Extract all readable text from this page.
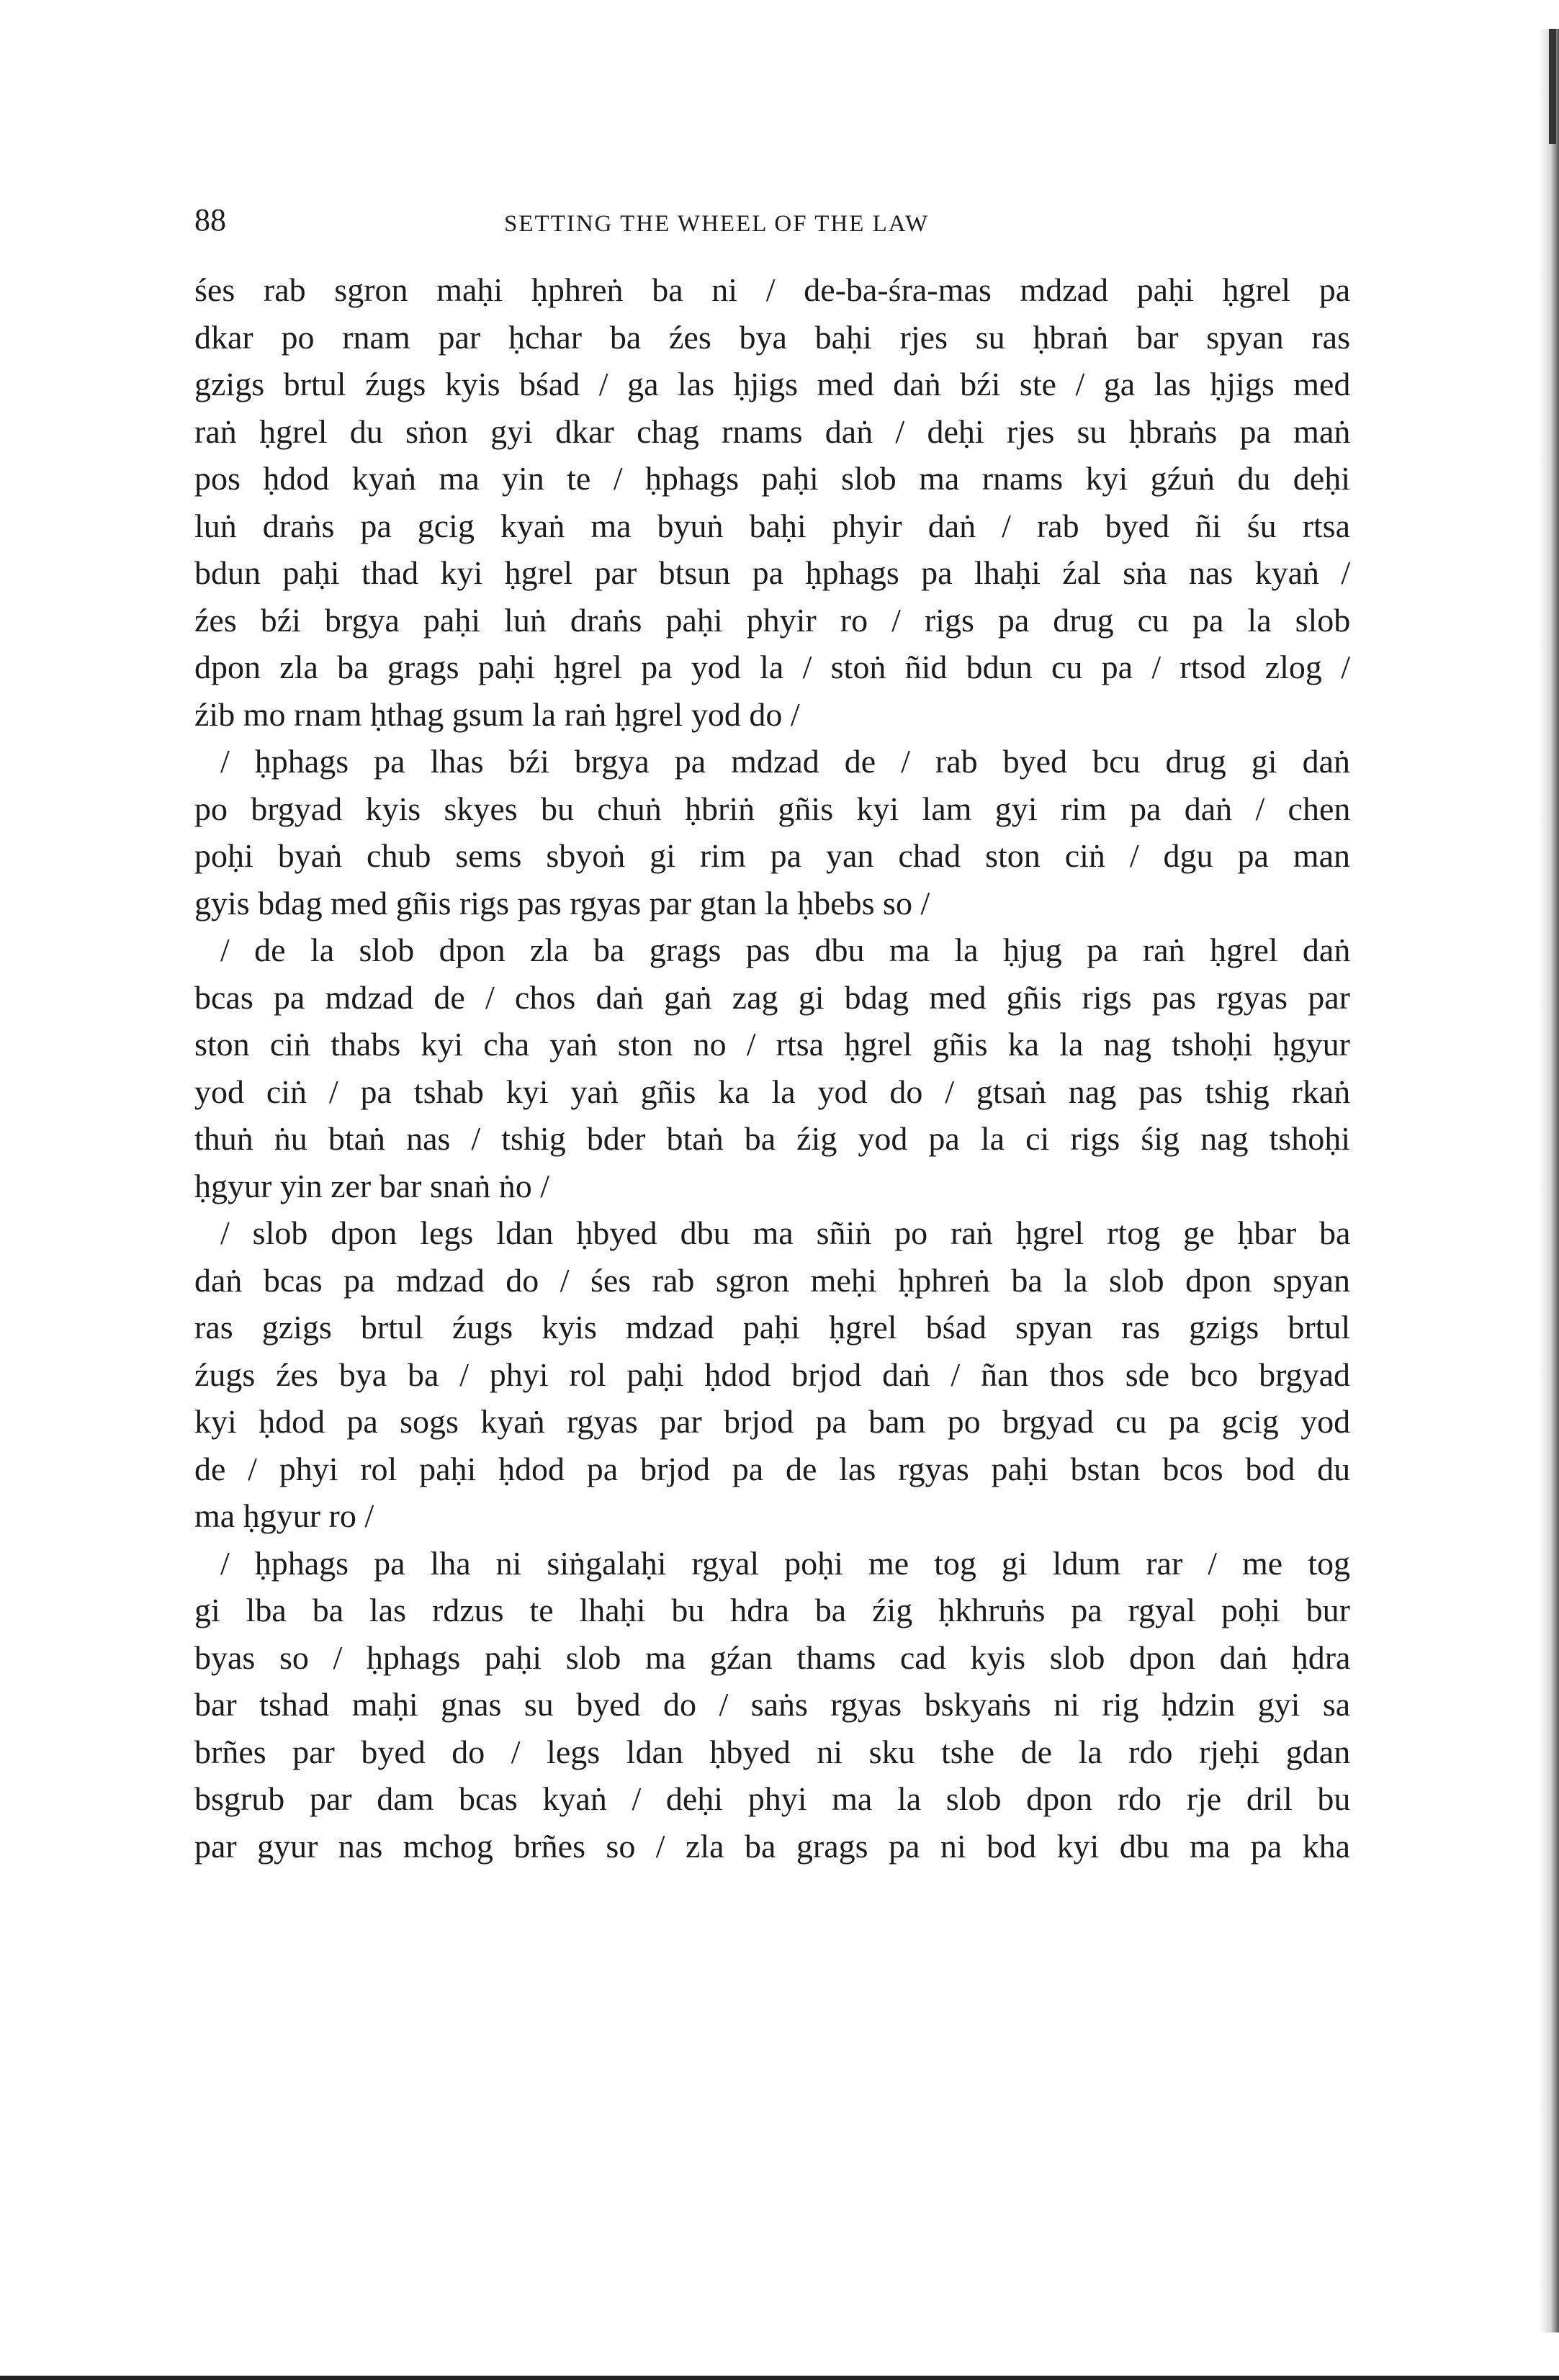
88	SETTING THE WHEEL OF THE LAW

śes rab sgron maḥi ḥphreṅ ba ni / de-ba-śra-mas mdzad paḥi ḥgrel pa
dkar po rnam par ḥchar ba źes bya baḥi rjes su ḥbraṅ bar spyan ras
gzigs brtul źugs kyis bśad / ga las ḥjigs med daṅ bźi ste / ga las ḥjigs med
raṅ ḥgrel du sṅon gyi dkar chag rnams daṅ / deḥi rjes su ḥbraṅs pa maṅ
pos ḥdod kyaṅ ma yin te / ḥphags paḥi slob ma rnams kyi gźuṅ du deḥi
luṅ draṅs pa gcig kyaṅ ma byuṅ baḥi phyir daṅ / rab byed ñi śu rtsa
bdun paḥi thad kyi ḥgrel par btsun pa ḥphags pa lhaḥi źal sṅa nas kyaṅ /
źes bźi brgya paḥi luṅ draṅs paḥi phyir ro / rigs pa drug cu pa la slob
dpon zla ba grags paḥi ḥgrel pa yod la / stoṅ ñid bdun cu pa / rtsod zlog /
źib mo rnam ḥthag gsum la raṅ ḥgrel yod do /

/ ḥphags pa lhas bźi brgya pa mdzad de / rab byed bcu drug gi daṅ
po brgyad kyis skyes bu chuṅ ḥbriṅ gñis kyi lam gyi rim pa daṅ / chen
poḥi byaṅ chub sems sbyoṅ gi rim pa yan chad ston ciṅ / dgu pa man
gyis bdag med gñis rigs pas rgyas par gtan la ḥbebs so /

/ de la slob dpon zla ba grags pas dbu ma la ḥjug pa raṅ ḥgrel daṅ
bcas pa mdzad de / chos daṅ gaṅ zag gi bdag med gñis rigs pas rgyas par
ston ciṅ thabs kyi cha yaṅ ston no / rtsa ḥgrel gñis ka la nag tshoḥi ḥgyur
yod ciṅ / pa tshab kyi yaṅ gñis ka la yod do / gtsaṅ nag pas tshig rkaṅ
thuṅ ṅu btaṅ nas / tshig bder btaṅ ba źig yod pa la ci rigs śig nag tshoḥi
ḥgyur yin zer bar snaṅ ṅo /

/ slob dpon legs ldan ḥbyed dbu ma sñiṅ po raṅ ḥgrel rtog ge ḥbar ba
daṅ bcas pa mdzad do / śes rab sgron meḥi ḥphreṅ ba la slob dpon spyan
ras gzigs brtul źugs kyis mdzad paḥi ḥgrel bśad spyan ras gzigs brtul
źugs źes bya ba / phyi rol paḥi ḥdod brjod daṅ / ñan thos sde bco brgyad
kyi ḥdod pa sogs kyaṅ rgyas par brjod pa bam po brgyad cu pa gcig yod
de / phyi rol paḥi ḥdod pa brjod pa de las rgyas paḥi bstan bcos bod du
ma ḥgyur ro /

/ ḥphags pa lha ni siṅgalaḥi rgyal poḥi me tog gi ldum rar / me tog
gi lba ba las rdzus te lhaḥi bu hdra ba źig ḥkhruṅs pa rgyal poḥi bur
byas so / ḥphags paḥi slob ma gźan thams cad kyis slob dpon daṅ ḥdra
bar tshad maḥi gnas su byed do / saṅs rgyas bskyaṅs ni rig ḥdzin gyi sa
brñes par byed do / legs ldan ḥbyed ni sku tshe de la rdo rjeḥi gdan
bsgrub par dam bcas kyaṅ / deḥi phyi ma la slob dpon rdo rje dril bu
par gyur nas mchog brñes so / zla ba grags pa ni bod kyi dbu ma pa kha
